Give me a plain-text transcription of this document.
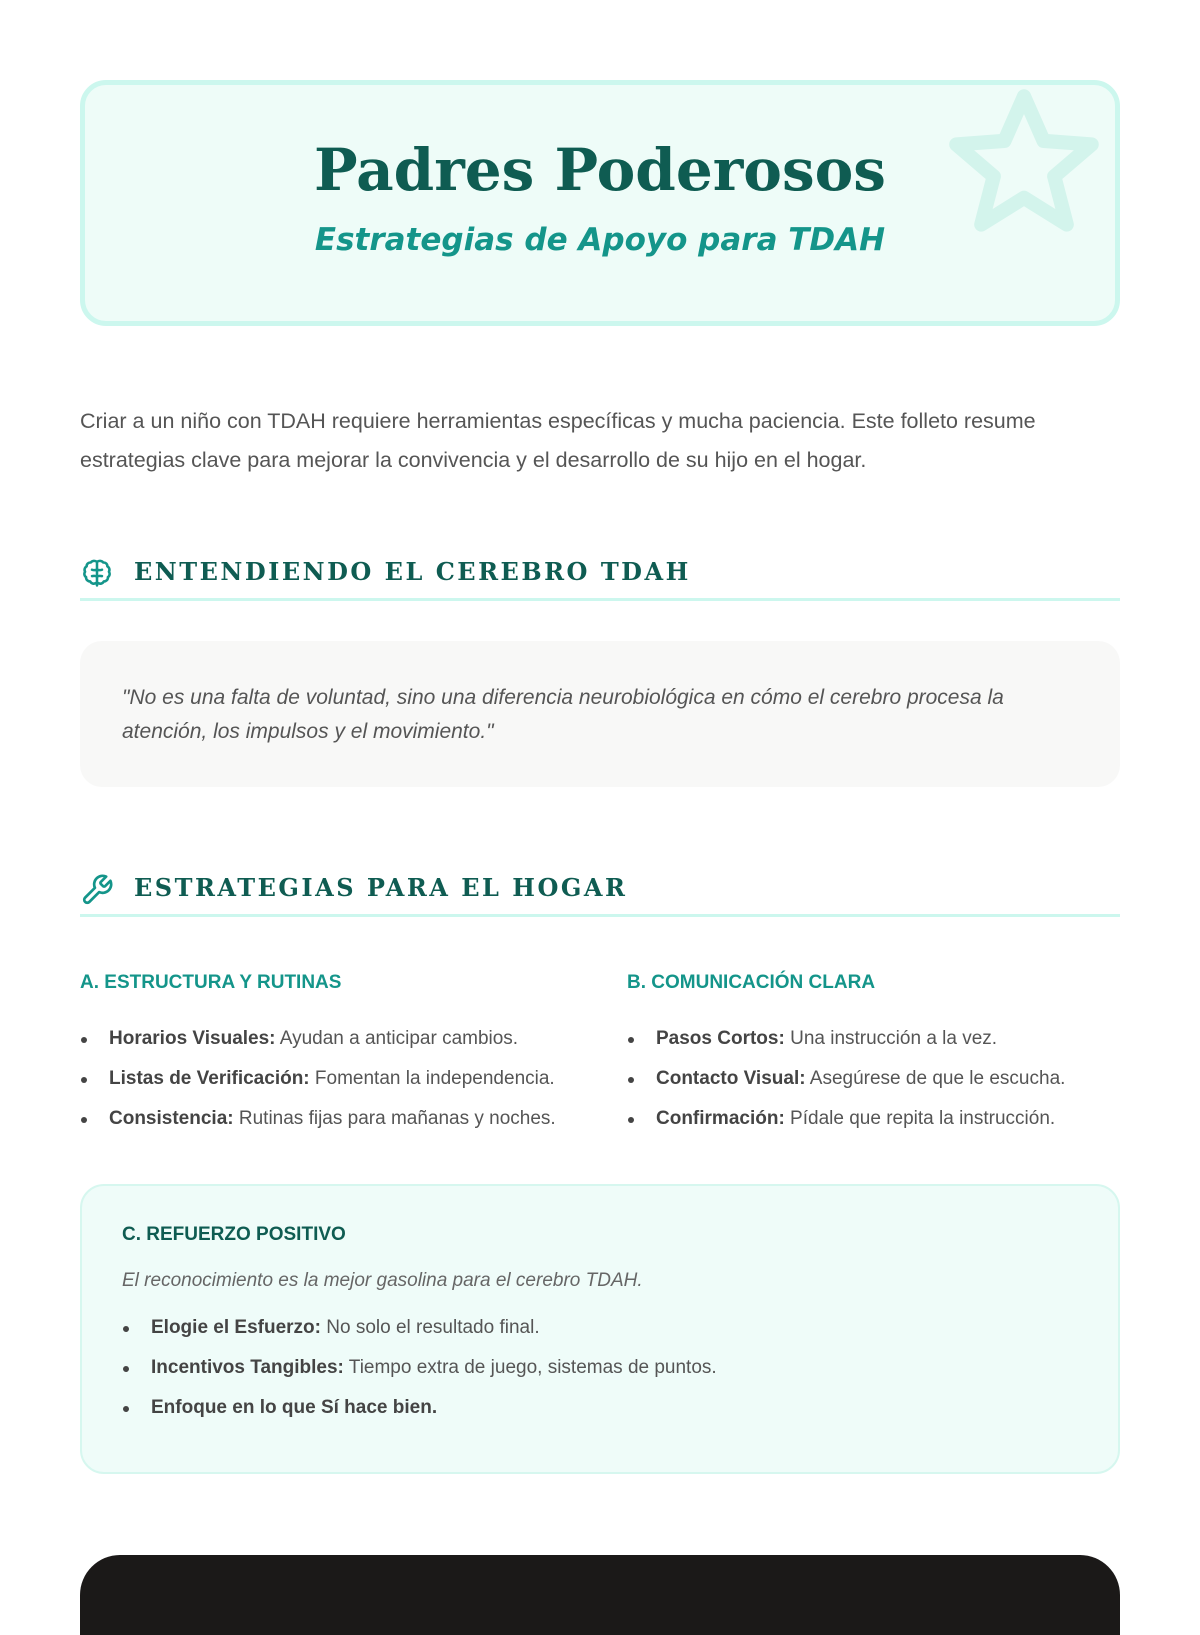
Padres Poderosos
Estrategias de Apoyo para TDAH

Criar a un niño con TDAH requiere herramientas específicas y mucha paciencia. Este folleto resume estrategias clave para mejorar la convivencia y el desarrollo de su hijo en el hogar.

ENTENDIENDO EL CEREBRO TDAH
"No es una falta de voluntad, sino una diferencia neurobiológica en cómo el cerebro procesa la atención, los impulsos y el movimiento."
ESTRATEGIAS PARA EL HOGAR
A. ESTRUCTURA Y RUTINAS
Horarios Visuales: Ayudan a anticipar cambios.
Listas de Verificación: Fomentan la independencia.
Consistencia: Rutinas fijas para mañanas y noches.
B. COMUNICACIÓN CLARA
Pasos Cortos: Una instrucción a la vez.
Contacto Visual: Asegúrese de que le escucha.
Confirmación: Pídale que repita la instrucción.
C. REFUERZO POSITIVO
El reconocimiento es la mejor gasolina para el cerebro TDAH.
Elogie el Esfuerzo: No solo el resultado final.
Incentivos Tangibles: Tiempo extra de juego, sistemas de puntos.
Enfoque en lo que Sí hace bien.
